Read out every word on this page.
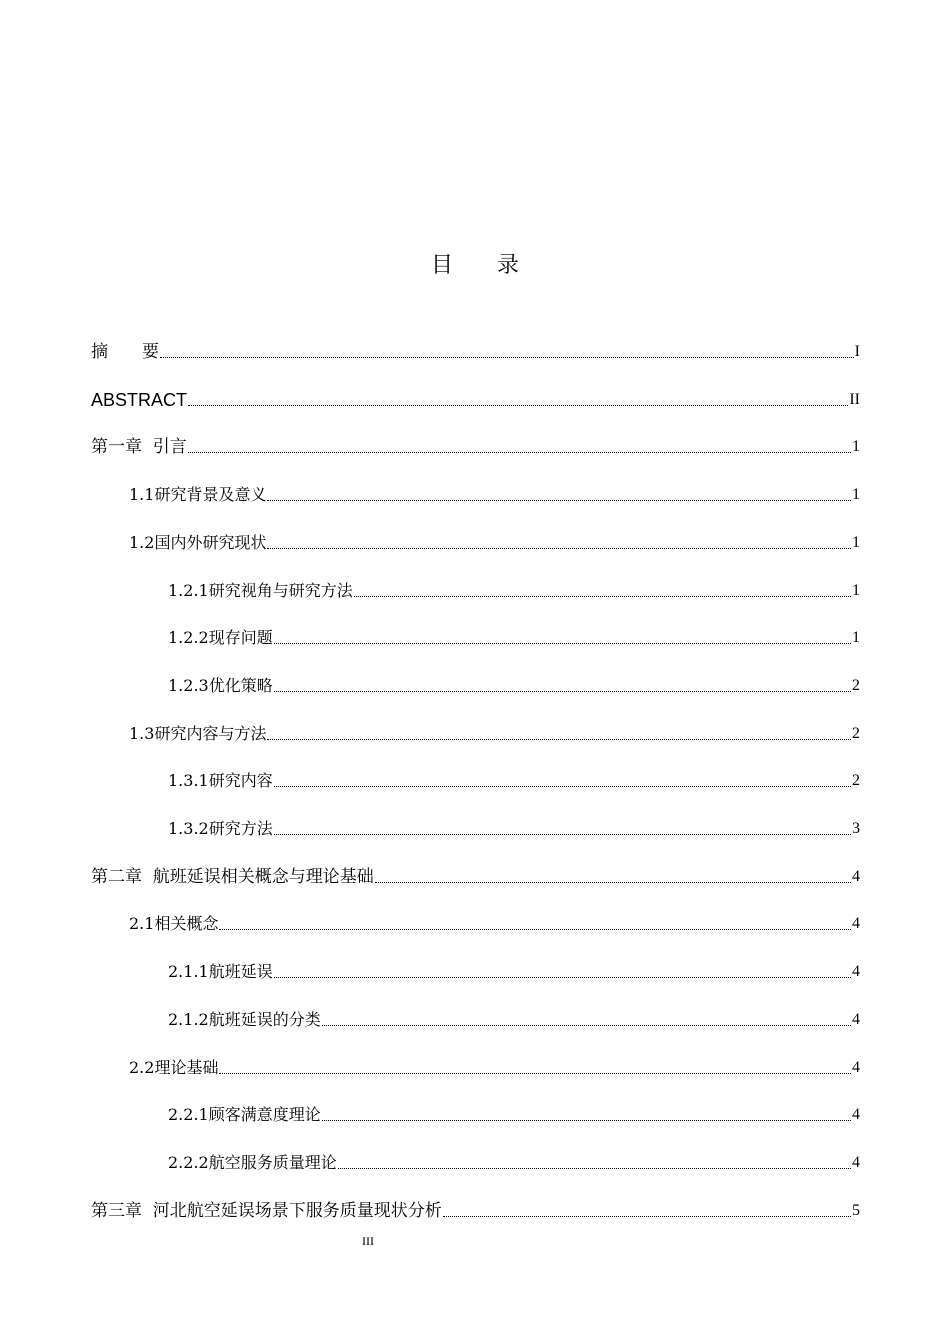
目 录
摘　　要	I
ABSTRACT	II
第一章  引言	1
1.1研究背景及意义	1
1.2国内外研究现状	1
1.2.1研究视角与研究方法	1
1.2.2现存问题	1
1.2.3优化策略	2
1.3研究内容与方法	2
1.3.1研究内容	2
1.3.2研究方法	3
第二章  航班延误相关概念与理论基础	4
2.1相关概念	4
2.1.1航班延误	4
2.1.2航班延误的分类	4
2.2理论基础	4
2.2.1顾客满意度理论	4
2.2.2航空服务质量理论	4
第三章  河北航空延误场景下服务质量现状分析	5
III
